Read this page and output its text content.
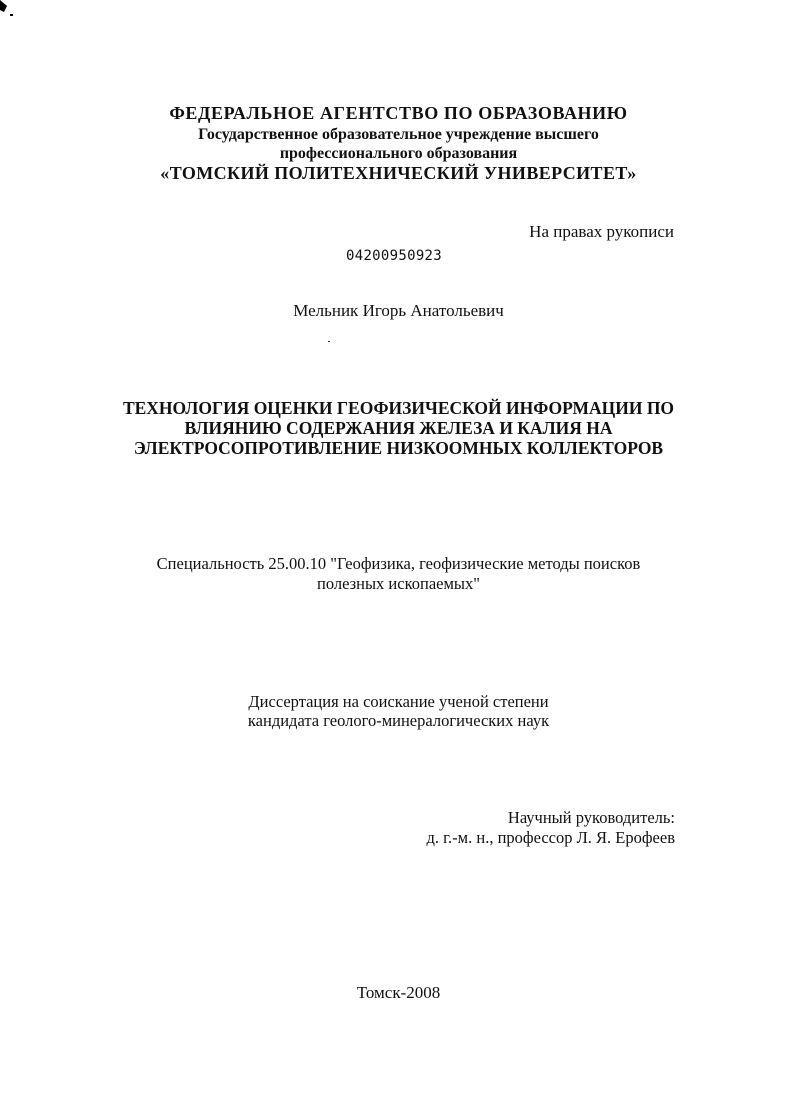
ФЕДЕРАЛЬНОЕ АГЕНТСТВО ПО ОБРАЗОВАНИЮ

Государственное образовательное учреждение высшего

профессионального образования

«ТОМСКИЙ ПОЛИТЕХНИЧЕСКИЙ УНИВЕРСИТЕТ»

На правах рукописи
04200950923

Мельник Игорь Анатольевич

ТЕХНОЛОГИЯ ОЦЕНКИ ГЕОФИЗИЧЕСКОЙ ИНФОРМАЦИИ ПО

ВЛИЯНИЮ СОДЕРЖАНИЯ ЖЕЛЕЗА И КАЛИЯ НА

ЭЛЕКТРОСОПРОТИВЛЕНИЕ НИЗКООМНЫХ КОЛЛЕКТОРОВ

Специальность 25.00.10 "Геофизика, геофизические методы поисков

полезных ископаемых"

Диссертация на соискание ученой степени

кандидата геолого-минералогических наук

Научный руководитель:
д. г.-м. н., профессор Л. Я. Ерофеев

Томск-2008
